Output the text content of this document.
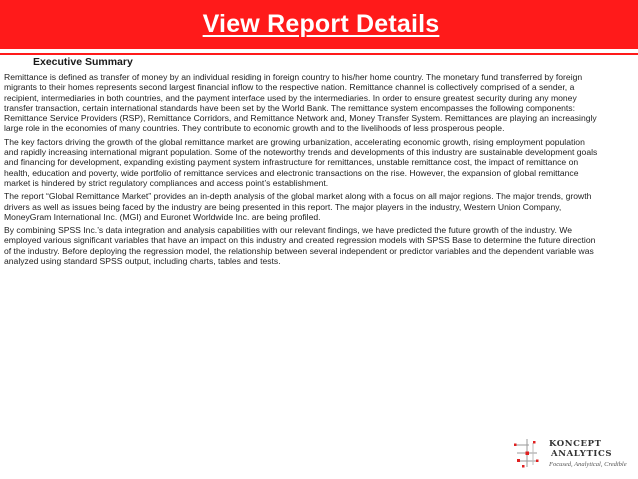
View Report Details
Executive Summary

Remittance is defined as transfer of money by an individual residing in foreign country to his/her home country. The monetary fund transferred by foreign migrants to their homes represents second largest financial inflow to the respective nation. Remittance channel is collectively comprised of a sender, a recipient, intermediaries in both countries, and the payment interface used by the intermediaries. In order to ensure greatest security during any money transfer transaction, certain international standards have been set by the World Bank. The remittance system encompasses the following components: Remittance Service Providers (RSP), Remittance Corridors, and Remittance Network and, Money Transfer System. Remittances are playing an increasingly large role in the economies of many countries. They contribute to economic growth and to the livelihoods of less prosperous people.

The key factors driving the growth of the global remittance market are growing urbanization, accelerating economic growth, rising employment population and rapidly increasing international migrant population. Some of the noteworthy trends and developments of this industry are sustainable development goals and financing for development, expanding existing payment system infrastructure for remittances, unstable remittance cost, the impact of remittance on health, education and poverty, wide portfolio of remittance services and electronic transactions on the rise. However, the expansion of global remittance market is hindered by strict regulatory compliances and access point’s establishment.

The report “Global Remittance Market” provides an in-depth analysis of the global market along with a focus on all major regions. The major trends, growth drivers as well as issues being faced by the industry are being presented in this report. The major players in the industry, Western Union Company, MoneyGram International Inc. (MGI) and Euronet Worldwide Inc. are being profiled.

By combining SPSS Inc.’s data integration and analysis capabilities with our relevant findings, we have predicted the future growth of the industry. We employed various significant variables that have an impact on this industry and created regression models with SPSS Base to determine the future direction of the industry. Before deploying the regression model, the relationship between several independent or predictor variables and the dependent variable was analyzed using standard SPSS output, including charts, tables and tests.

KONCEPT
ANALYTICS
Focused, Analytical, Credible
